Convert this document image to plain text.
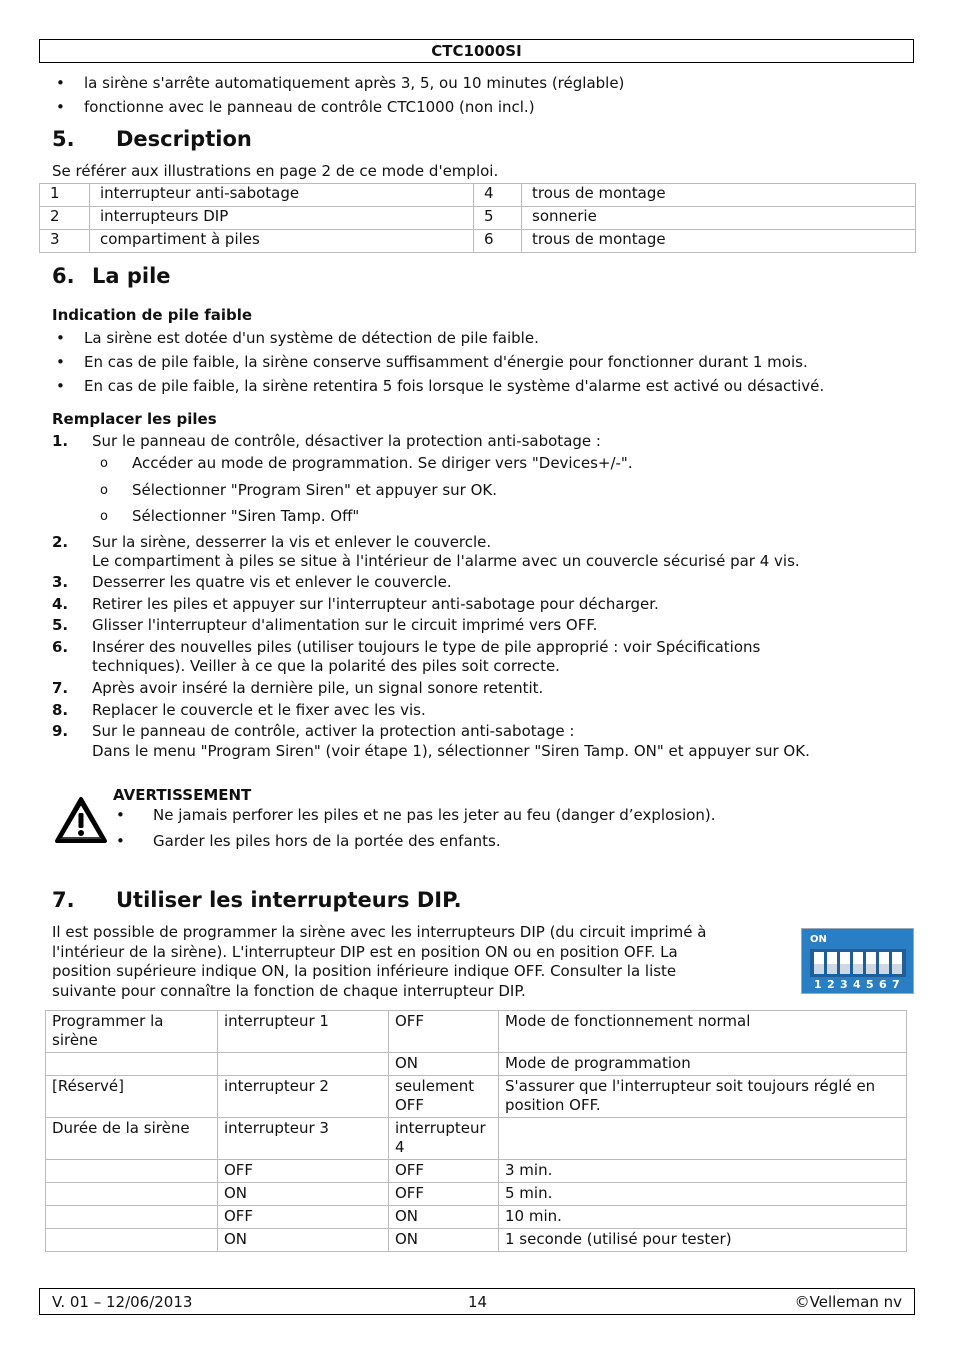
CTC1000SI
• la sirène s'arrête automatiquement après 3, 5, ou 10 minutes (réglable)
• fonctionne avec le panneau de contrôle CTC1000 (non incl.)
5. Description
Se référer aux illustrations en page 2 de ce mode d'emploi.
1	interrupteur anti-sabotage	4	trous de montage
2	interrupteurs DIP	5	sonnerie
3	compartiment à piles	6	trous de montage
6. La pile
Indication de pile faible
• La sirène est dotée d'un système de détection de pile faible.
• En cas de pile faible, la sirène conserve suffisamment d'énergie pour fonctionner durant 1 mois.
• En cas de pile faible, la sirène retentira 5 fois lorsque le système d'alarme est activé ou désactivé.
Remplacer les piles
1. Sur le panneau de contrôle, désactiver la protection anti-sabotage :
o Accéder au mode de programmation. Se diriger vers "Devices+/-".
o Sélectionner "Program Siren" et appuyer sur OK.
o Sélectionner "Siren Tamp. Off"
2. Sur la sirène, desserrer la vis et enlever le couvercle.
Le compartiment à piles se situe à l'intérieur de l'alarme avec un couvercle sécurisé par 4 vis.
3. Desserrer les quatre vis et enlever le couvercle.
4. Retirer les piles et appuyer sur l'interrupteur anti-sabotage pour décharger.
5. Glisser l'interrupteur d'alimentation sur le circuit imprimé vers OFF.
6. Insérer des nouvelles piles (utiliser toujours le type de pile approprié : voir Spécifications
techniques). Veiller à ce que la polarité des piles soit correcte.
7. Après avoir inséré la dernière pile, un signal sonore retentit.
8. Replacer le couvercle et le fixer avec les vis.
9. Sur le panneau de contrôle, activer la protection anti-sabotage :
Dans le menu "Program Siren" (voir étape 1), sélectionner "Siren Tamp. ON" et appuyer sur OK.
AVERTISSEMENT
• Ne jamais perforer les piles et ne pas les jeter au feu (danger d’explosion).
• Garder les piles hors de la portée des enfants.
7. Utiliser les interrupteurs DIP.
Il est possible de programmer la sirène avec les interrupteurs DIP (du circuit imprimé à
l'intérieur de la sirène). L'interrupteur DIP est en position ON ou en position OFF. La
position supérieure indique ON, la position inférieure indique OFF. Consulter la liste
suivante pour connaître la fonction de chaque interrupteur DIP.
ON
1 2 3 4 5 6 7
Programmer la
sirène	interrupteur 1	OFF	Mode de fonctionnement normal
		ON	Mode de programmation
[Réservé]	interrupteur 2	seulement
OFF	S'assurer que l'interrupteur soit toujours réglé en
position OFF.
Durée de la sirène	interrupteur 3	interrupteur
4	
	OFF	OFF	3 min.
	ON	OFF	5 min.
	OFF	ON	10 min.
	ON	ON	1 seconde (utilisé pour tester)
V. 01 – 12/06/2013	14	©Velleman nv
